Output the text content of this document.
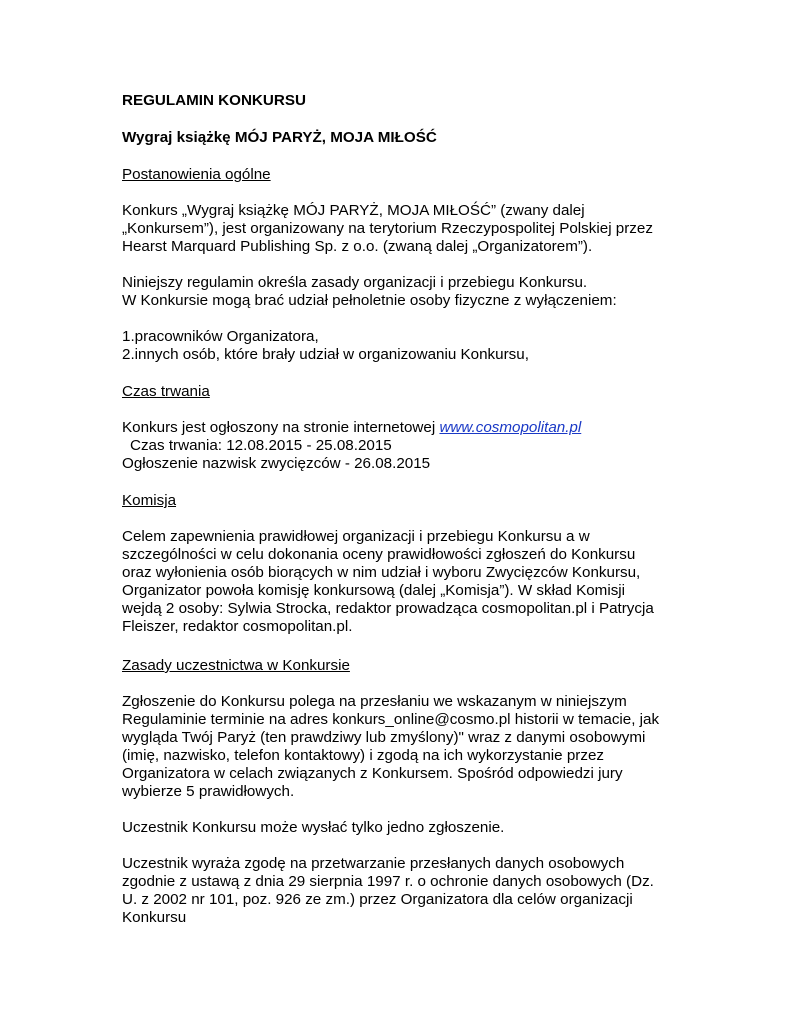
REGULAMIN KONKURSU

Wygraj książkę MÓJ PARYŻ, MOJA MIŁOŚĆ

Postanowienia ogólne

Konkurs „Wygraj książkę MÓJ PARYŻ, MOJA MIŁOŚĆ” (zwany dalej
„Konkursem”), jest organizowany na terytorium Rzeczypospolitej Polskiej przez
Hearst Marquard Publishing Sp. z o.o. (zwaną dalej „Organizatorem”).

Niniejszy regulamin określa zasady organizacji i przebiegu Konkursu.
W Konkursie mogą brać udział pełnoletnie osoby fizyczne z wyłączeniem:

1.pracowników Organizatora,
2.innych osób, które brały udział w organizowaniu Konkursu,

Czas trwania

Konkurs jest ogłoszony na stronie internetowej www.cosmopolitan.pl
Czas trwania: 12.08.2015 - 25.08.2015
Ogłoszenie nazwisk zwycięzców - 26.08.2015

Komisja

Celem zapewnienia prawidłowej organizacji i przebiegu Konkursu a w
szczególności w celu dokonania oceny prawidłowości zgłoszeń do Konkursu
oraz wyłonienia osób biorących w nim udział i wyboru Zwycięzców Konkursu,
Organizator powoła komisję konkursową (dalej „Komisja”). W skład Komisji
wejdą 2 osoby: Sylwia Strocka, redaktor prowadząca cosmopolitan.pl i Patrycja
Fleiszer, redaktor cosmopolitan.pl.

Zasady uczestnictwa w Konkursie

Zgłoszenie do Konkursu polega na przesłaniu we wskazanym w niniejszym
Regulaminie terminie na adres konkurs_online@cosmo.pl historii w temacie, jak
wygląda Twój Paryż (ten prawdziwy lub zmyślony)" wraz z danymi osobowymi
(imię, nazwisko, telefon kontaktowy) i zgodą na ich wykorzystanie przez
Organizatora w celach związanych z Konkursem. Spośród odpowiedzi jury
wybierze 5 prawidłowych.

Uczestnik Konkursu może wysłać tylko jedno zgłoszenie.

Uczestnik wyraża zgodę na przetwarzanie przesłanych danych osobowych
zgodnie z ustawą z dnia 29 sierpnia 1997 r. o ochronie danych osobowych (Dz.
U. z 2002 nr 101, poz. 926 ze zm.) przez Organizatora dla celów organizacji
Konkursu
